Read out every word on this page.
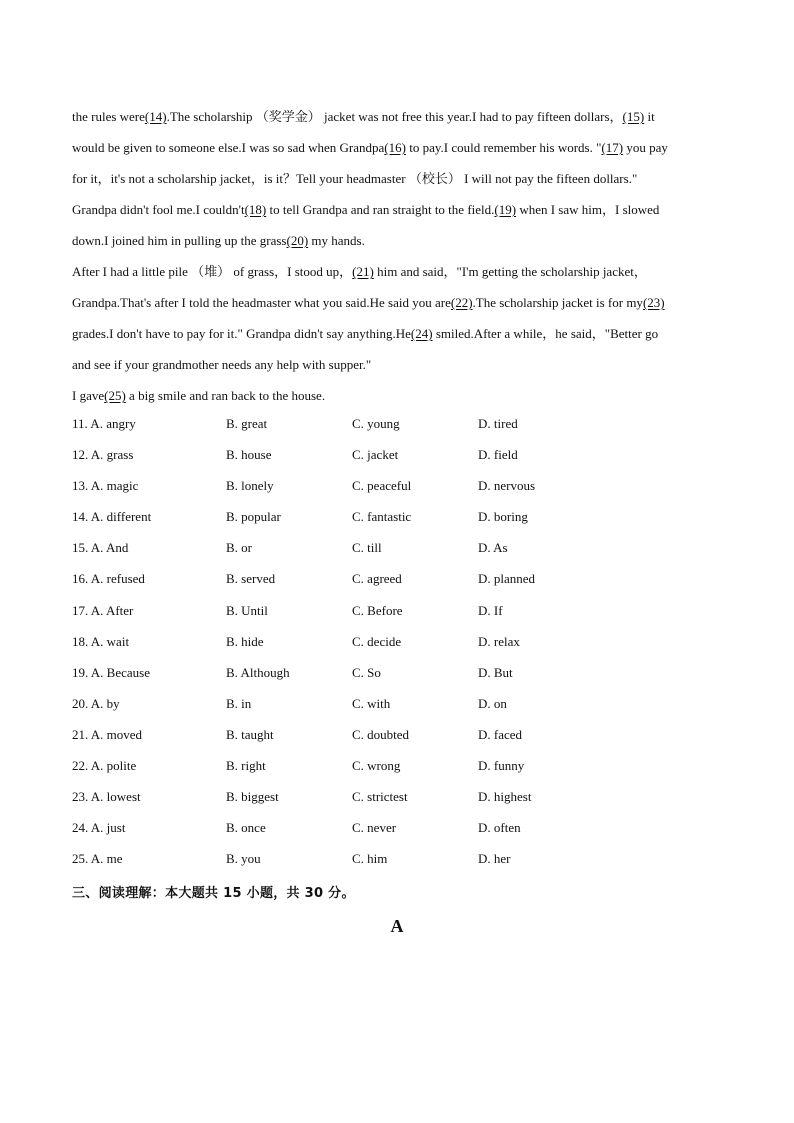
the rules were(14).The scholarship （奖学金） jacket was not free this year.I had to pay fifteen dollars，(15) it
would be given to someone else.I was so sad when Grandpa(16) to pay.I could remember his words. "(17) you pay
for it，it's not a scholarship jacket，is it？Tell your headmaster （校长） I will not pay the fifteen dollars."
Grandpa didn't fool me.I couldn't(18) to tell Grandpa and ran straight to the field.(19) when I saw him，I slowed
down.I joined him in pulling up the grass(20) my hands.
After I had a little pile （堆） of grass，I stood up，(21) him and said，"I'm getting the scholarship jacket，
Grandpa.That's after I told the headmaster what you said.He said you are(22).The scholarship jacket is for my(23)
grades.I don't have to pay for it." Grandpa didn't say anything.He(24) smiled.After a while，he said，"Better go
and see if your grandmother needs any help with supper."
I gave(25) a big smile and ran back to the house.
11. A. angry	B. great	C. young	D. tired
12. A. grass	B. house	C. jacket	D. field
13. A. magic	B. lonely	C. peaceful	D. nervous
14. A. different	B. popular	C. fantastic	D. boring
15. A. And	B. or	C. till	D. As
16. A. refused	B. served	C. agreed	D. planned
17. A. After	B. Until	C. Before	D. If
18. A. wait	B. hide	C. decide	D. relax
19. A. Because	B. Although	C. So	D. But
20. A. by	B. in	C. with	D. on
21. A. moved	B. taught	C. doubted	D. faced
22. A. polite	B. right	C. wrong	D. funny
23. A. lowest	B. biggest	C. strictest	D. highest
24. A. just	B. once	C. never	D. often
25. A. me	B. you	C. him	D. her
三、阅读理解：本大题共 15 小题，共 30 分。
A
